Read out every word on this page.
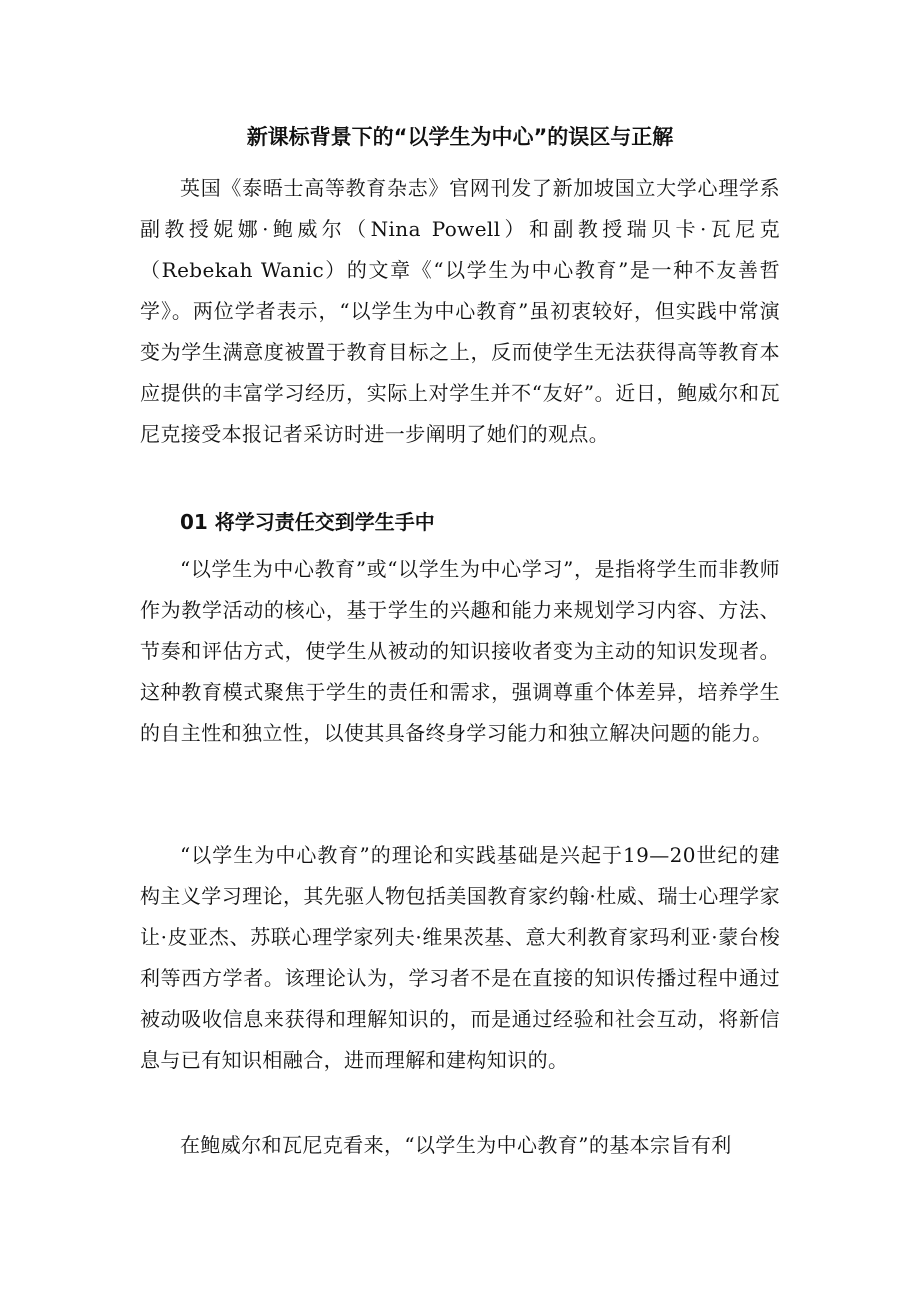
新课标背景下的“以学生为中心”的误区与正解

英国《泰晤士高等教育杂志》官网刊发了新加坡国立大学心理学系副教授妮娜·鲍威尔（Nina Powell）和副教授瑞贝卡·瓦尼克（Rebekah Wanic）的文章《“以学生为中心教育”是一种不友善哲学》。两位学者表示，“以学生为中心教育”虽初衷较好，但实践中常演变为学生满意度被置于教育目标之上，反而使学生无法获得高等教育本应提供的丰富学习经历，实际上对学生并不“友好”。近日，鲍威尔和瓦尼克接受本报记者采访时进一步阐明了她们的观点。

01 将学习责任交到学生手中

“以学生为中心教育”或“以学生为中心学习”，是指将学生而非教师作为教学活动的核心，基于学生的兴趣和能力来规划学习内容、方法、节奏和评估方式，使学生从被动的知识接收者变为主动的知识发现者。这种教育模式聚焦于学生的责任和需求，强调尊重个体差异，培养学生的自主性和独立性，以使其具备终身学习能力和独立解决问题的能力。

“以学生为中心教育”的理论和实践基础是兴起于19—20世纪的建构主义学习理论，其先驱人物包括美国教育家约翰·杜威、瑞士心理学家让·皮亚杰、苏联心理学家列夫·维果茨基、意大利教育家玛利亚·蒙台梭利等西方学者。该理论认为，学习者不是在直接的知识传播过程中通过被动吸收信息来获得和理解知识的，而是通过经验和社会互动，将新信息与已有知识相融合，进而理解和建构知识的。

在鲍威尔和瓦尼克看来，“以学生为中心教育”的基本宗旨有利
